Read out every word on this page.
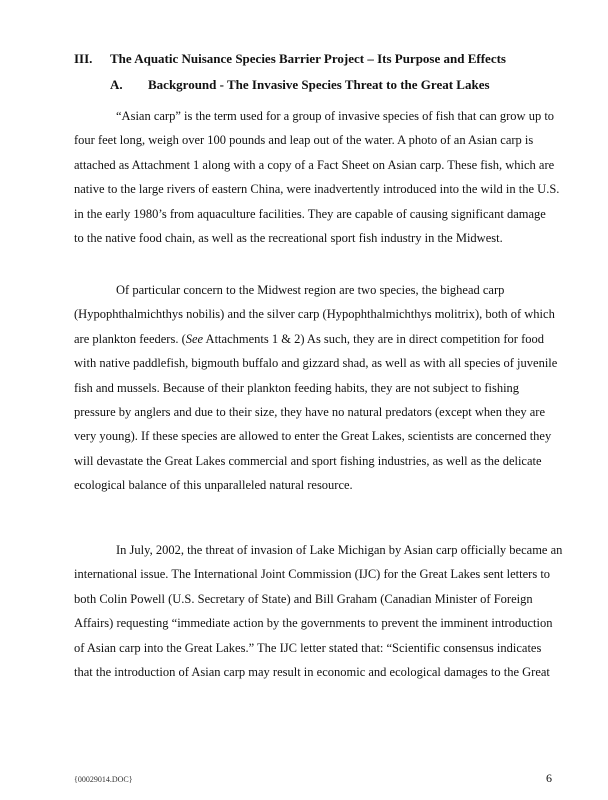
III. The Aquatic Nuisance Species Barrier Project – Its Purpose and Effects
A. Background - The Invasive Species Threat to the Great Lakes
“Asian carp” is the term used for a group of invasive species of fish that can grow up to
four feet long, weigh over 100 pounds and leap out of the water. A photo of an Asian carp is
attached as Attachment 1 along with a copy of a Fact Sheet on Asian carp. These fish, which are
native to the large rivers of eastern China, were inadvertently introduced into the wild in the U.S.
in the early 1980’s from aquaculture facilities. They are capable of causing significant damage
to the native food chain, as well as the recreational sport fish industry in the Midwest.
Of particular concern to the Midwest region are two species, the bighead carp
(Hypophthalmichthys nobilis) and the silver carp (Hypophthalmichthys molitrix), both of which
are plankton feeders. (See Attachments 1 & 2) As such, they are in direct competition for food
with native paddlefish, bigmouth buffalo and gizzard shad, as well as with all species of juvenile
fish and mussels. Because of their plankton feeding habits, they are not subject to fishing
pressure by anglers and due to their size, they have no natural predators (except when they are
very young). If these species are allowed to enter the Great Lakes, scientists are concerned they
will devastate the Great Lakes commercial and sport fishing industries, as well as the delicate
ecological balance of this unparalleled natural resource.
In July, 2002, the threat of invasion of Lake Michigan by Asian carp officially became an
international issue. The International Joint Commission (IJC) for the Great Lakes sent letters to
both Colin Powell (U.S. Secretary of State) and Bill Graham (Canadian Minister of Foreign
Affairs) requesting “immediate action by the governments to prevent the imminent introduction
of Asian carp into the Great Lakes.” The IJC letter stated that: “Scientific consensus indicates
that the introduction of Asian carp may result in economic and ecological damages to the Great
{00029014.DOC}	6
